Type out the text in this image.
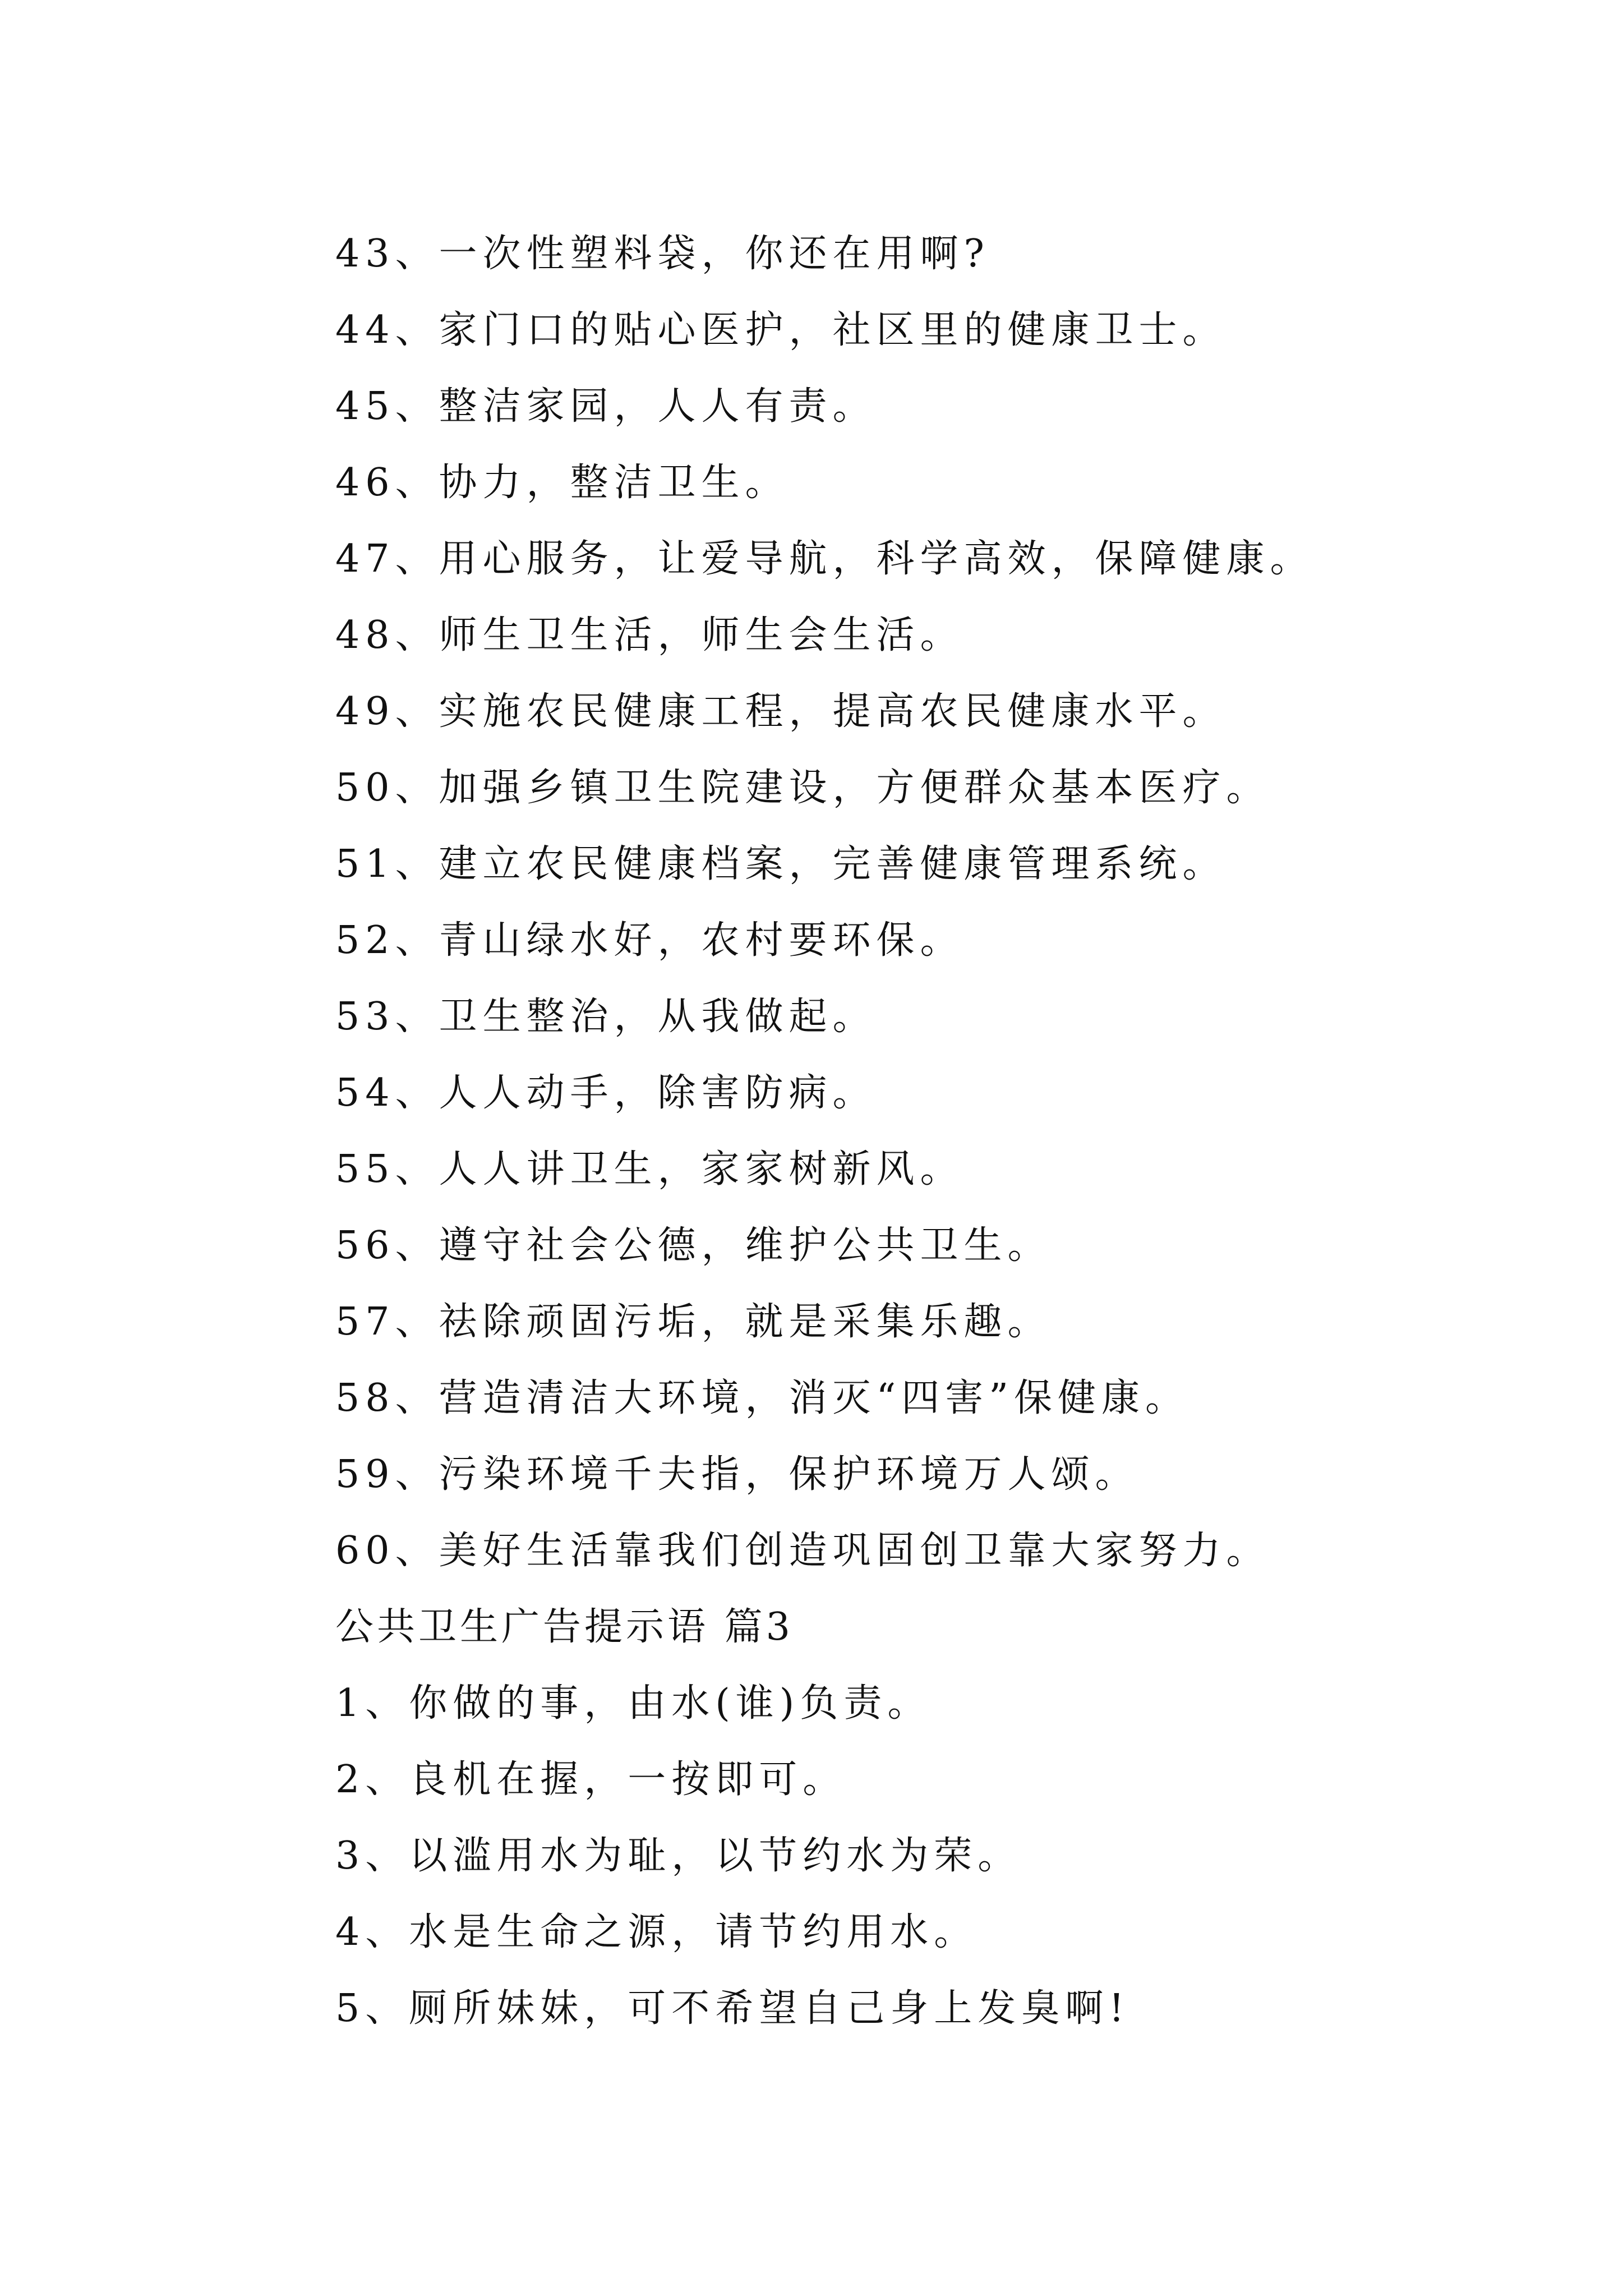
43、一次性塑料袋，你还在用啊?
44、家门口的贴心医护，社区里的健康卫士。
45、整洁家园，人人有责。
46、协力，整洁卫生。
47、用心服务，让爱导航，科学高效，保障健康。
48、师生卫生活，师生会生活。
49、实施农民健康工程，提高农民健康水平。
50、加强乡镇卫生院建设，方便群众基本医疗。
51、建立农民健康档案，完善健康管理系统。
52、青山绿水好，农村要环保。
53、卫生整治，从我做起。
54、人人动手，除害防病。
55、人人讲卫生，家家树新风。
56、遵守社会公德，维护公共卫生。
57、祛除顽固污垢，就是采集乐趣。
58、营造清洁大环境，消灭“四害”保健康。
59、污染环境千夫指，保护环境万人颂。
60、美好生活靠我们创造巩固创卫靠大家努力。
公共卫生广告提示语 篇3
1、你做的事，由水(谁)负责。
2、良机在握，一按即可。
3、以滥用水为耻，以节约水为荣。
4、水是生命之源，请节约用水。
5、厕所妹妹，可不希望自己身上发臭啊!
